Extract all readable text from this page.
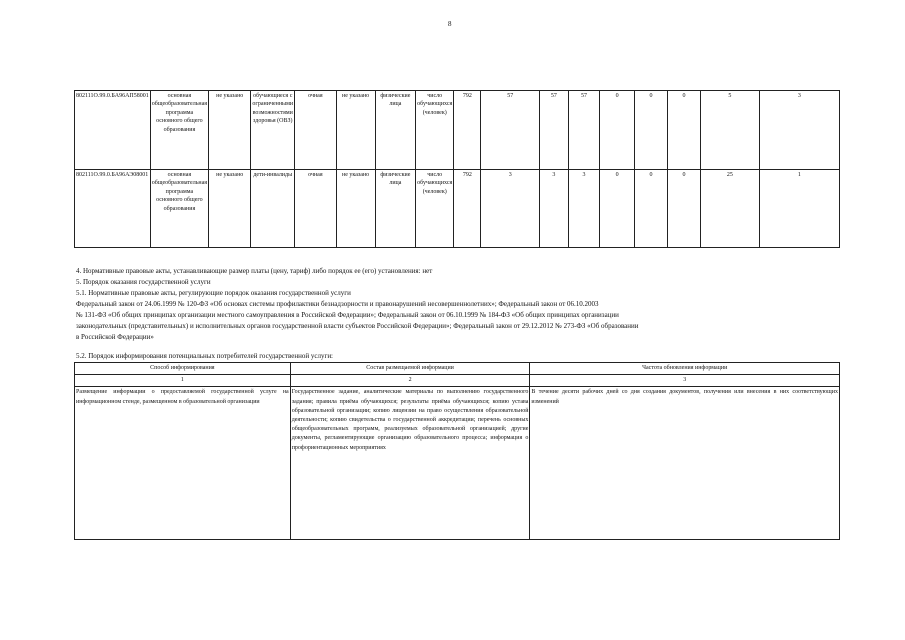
8
802111О.99.0.БА96АП58001	основная общеобразовательная программа основного общего образования	не указано	обучающиеся с ограниченными возможностями здоровья (ОВЗ)	очная	не указано	физические лица	число обучающихся (человек)	792	57	57	57	0	0	0	5	3
802111О.99.0.БА96АЭ08001	основная общеобразовательная программа основного общего образования	не указано	дети-инвалиды	очная	не указано	физические лица	число обучающихся (человек)	792	3	3	3	0	0	0	25	1
4. Нормативные правовые акты, устанавливающие размер платы (цену, тариф) либо порядок ее (его) установления: нет
5. Порядок оказания государственной услуги
5.1. Нормативные правовые акты, регулирующие порядок оказания государственной услуги
Федеральный закон от 24.06.1999 № 120-ФЗ «Об основах системы профилактики безнадзорности и правонарушений несовершеннолетних»; Федеральный закон от 06.10.2003
№ 131-ФЗ «Об общих принципах организации местного самоуправления в Российской Федерации»; Федеральный закон от 06.10.1999 № 184-ФЗ «Об общих принципах организации
законодательных (представительных) и исполнительных органов государственной власти субъектов Российской Федерации»; Федеральный закон от 29.12.2012 № 273-ФЗ «Об образовании
в Российской Федерации»
5.2. Порядок информирования потенциальных потребителей государственной услуги:
Способ информирования	Состав размещаемой информации	Частота обновления информации
1	2	3
Размещение информации о предоставляемой государственной услуге на информационном стенде, размещенном в образовательной организации	Государственное задание, аналитические материалы по выполнению государственного задания; правила приёма обучающихся; результаты приёма обучающихся; копию устава образовательной организации; копию лицензии на право осуществления образовательной деятельности; копию свидетельства о государственной аккредитации; перечень основных общеобразовательных программ, реализуемых образовательной организацией; другие документы, регламентирующие организацию образовательного процесса; информация о профориентационных мероприятиях	В течение десяти рабочих дней со дня создания документов, получения или внесения в них соответствующих изменений
